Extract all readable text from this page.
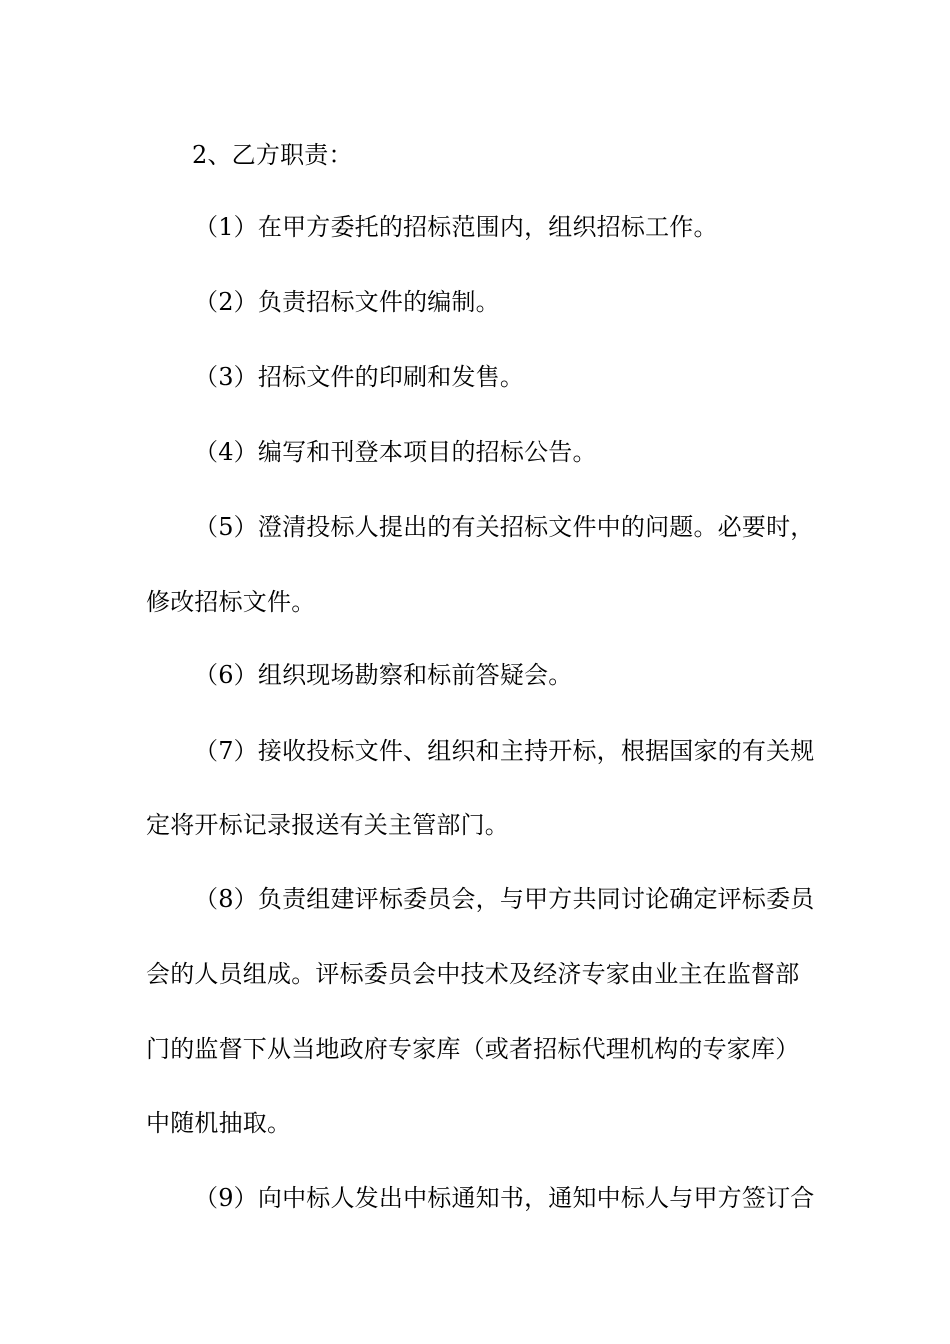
2、乙方职责：
（1）在甲方委托的招标范围内，组织招标工作。
（2）负责招标文件的编制。
（3）招标文件的印刷和发售。
（4）编写和刊登本项目的招标公告。
（5）澄清投标人提出的有关招标文件中的问题。必要时，
修改招标文件。
（6）组织现场勘察和标前答疑会。
（7）接收投标文件、组织和主持开标，根据国家的有关规
定将开标记录报送有关主管部门。
（8）负责组建评标委员会，与甲方共同讨论确定评标委员
会的人员组成。评标委员会中技术及经济专家由业主在监督部
门的监督下从当地政府专家库（或者招标代理机构的专家库）
中随机抽取。
（9）向中标人发出中标通知书，通知中标人与甲方签订合
